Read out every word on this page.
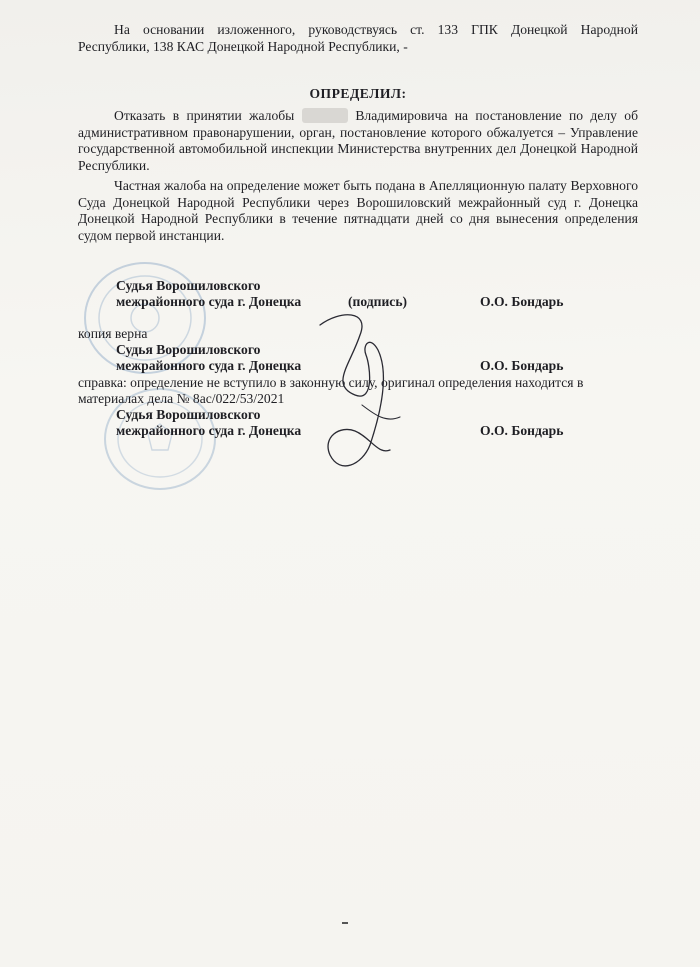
На основании изложенного, руководствуясь ст. 133 ГПК Донецкой Народной

Республики, 138 КАС Донецкой Народной Республики, -

ОПРЕДЕЛИЛ:

Отказать в принятии жалобы	Владимировича на постановление по делу об административном правонарушении, орган, постановление которого обжалуется – Управление государственной автомобильной инспекции Министерства внутренних дел Донецкой Народной Республики.

Частная жалоба на определение может быть подана в Апелляционную палату Верховного Суда Донецкой Народной Республики через Ворошиловский межрайонный суд г. Донецка Донецкой Народной Республики в течение пятнадцати дней со дня вынесения определения судом первой инстанции.

Судья Ворошиловского
межрайонного суда г. Донецка	(подпись)	О.О. Бондарь
копия верна
Судья Ворошиловского
межрайонного суда г. Донецка	О.О. Бондарь
справка: определение не вступило в законную силу, оригинал определения находится в
материалах дела № 8ас/022/53/2021
Судья Ворошиловского
межрайонного суда г. Донецка	О.О. Бондарь
